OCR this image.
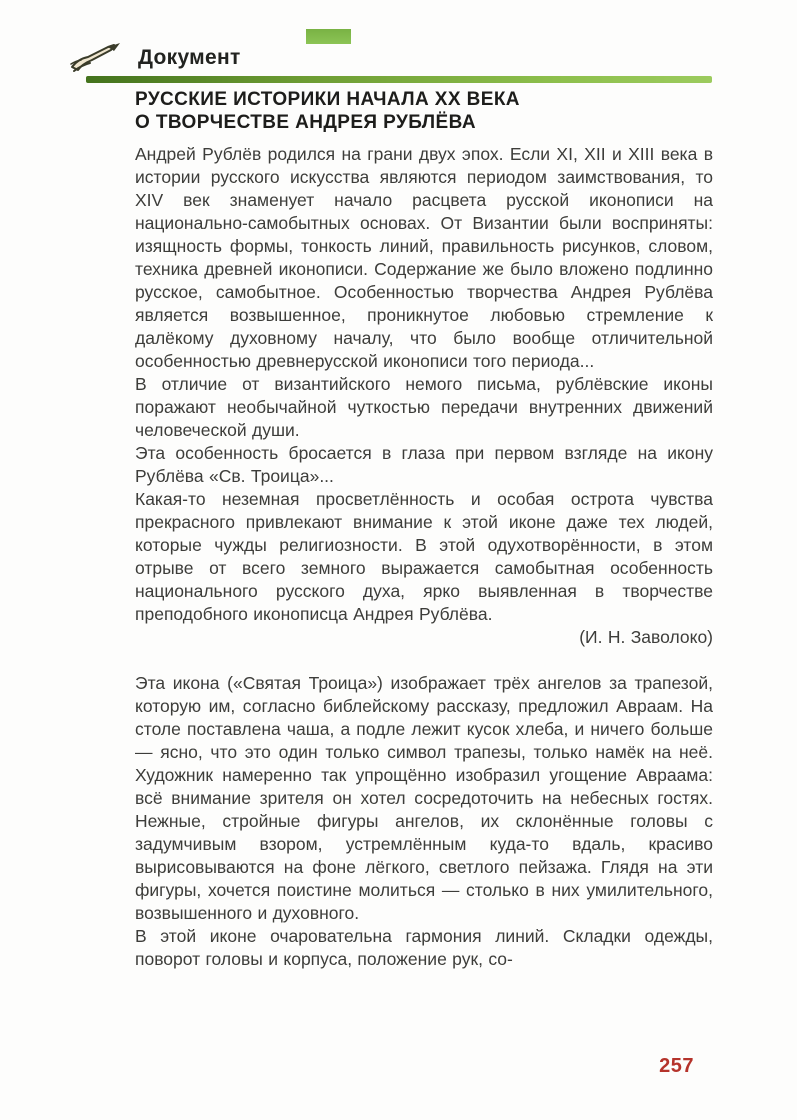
Документ
РУССКИЕ ИСТОРИКИ НАЧАЛА XX ВЕКА
О ТВОРЧЕСТВЕ АНДРЕЯ РУБЛЁВА

Андрей Рублёв родился на грани двух эпох. Если XI, XII и XIII века в истории русского искусства являются периодом заимствования, то XIV век знаменует начало расцвета русской иконописи на национально-самобытных основах. От Византии были восприняты: изящность формы, тонкость линий, правильность рисунков, словом, техника древней иконописи. Содержание же было вложено подлинно русское, самобытное. Особенностью творчества Андрея Рублёва является возвышенное, проникнутое любовью стремление к далёкому духовному началу, что было вообще отличительной особенностью древнерусской иконописи того периода...

В отличие от византийского немого письма, рублёвские иконы поражают необычайной чуткостью передачи внутренних движений человеческой души.

Эта особенность бросается в глаза при первом взгляде на икону Рублёва «Св. Троица»...

Какая-то неземная просветлённость и особая острота чувства прекрасного привлекают внимание к этой иконе даже тех людей, которые чужды религиозности. В этой одухотворённости, в этом отрыве от всего земного выражается самобытная особенность национального русского духа, ярко выявленная в творчестве преподобного иконописца Андрея Рублёва.

(И. Н. Заволоко)

Эта икона («Святая Троица») изображает трёх ангелов за трапезой, которую им, согласно библейскому рассказу, предложил Авраам. На столе поставлена чаша, а подле лежит кусок хлеба, и ничего больше — ясно, что это один только символ трапезы, только намёк на неё. Художник намеренно так упрощённо изобразил угощение Авраама: всё внимание зрителя он хотел сосредоточить на небесных гостях. Нежные, стройные фигуры ангелов, их склонённые головы с задумчивым взором, устремлённым куда-то вдаль, красиво вырисовываются на фоне лёгкого, светлого пейзажа. Глядя на эти фигуры, хочется поистине молиться — столько в них умилительного, возвышенного и духовного.

В этой иконе очаровательна гармония линий. Складки одежды, поворот головы и корпуса, положение рук, со-

257
